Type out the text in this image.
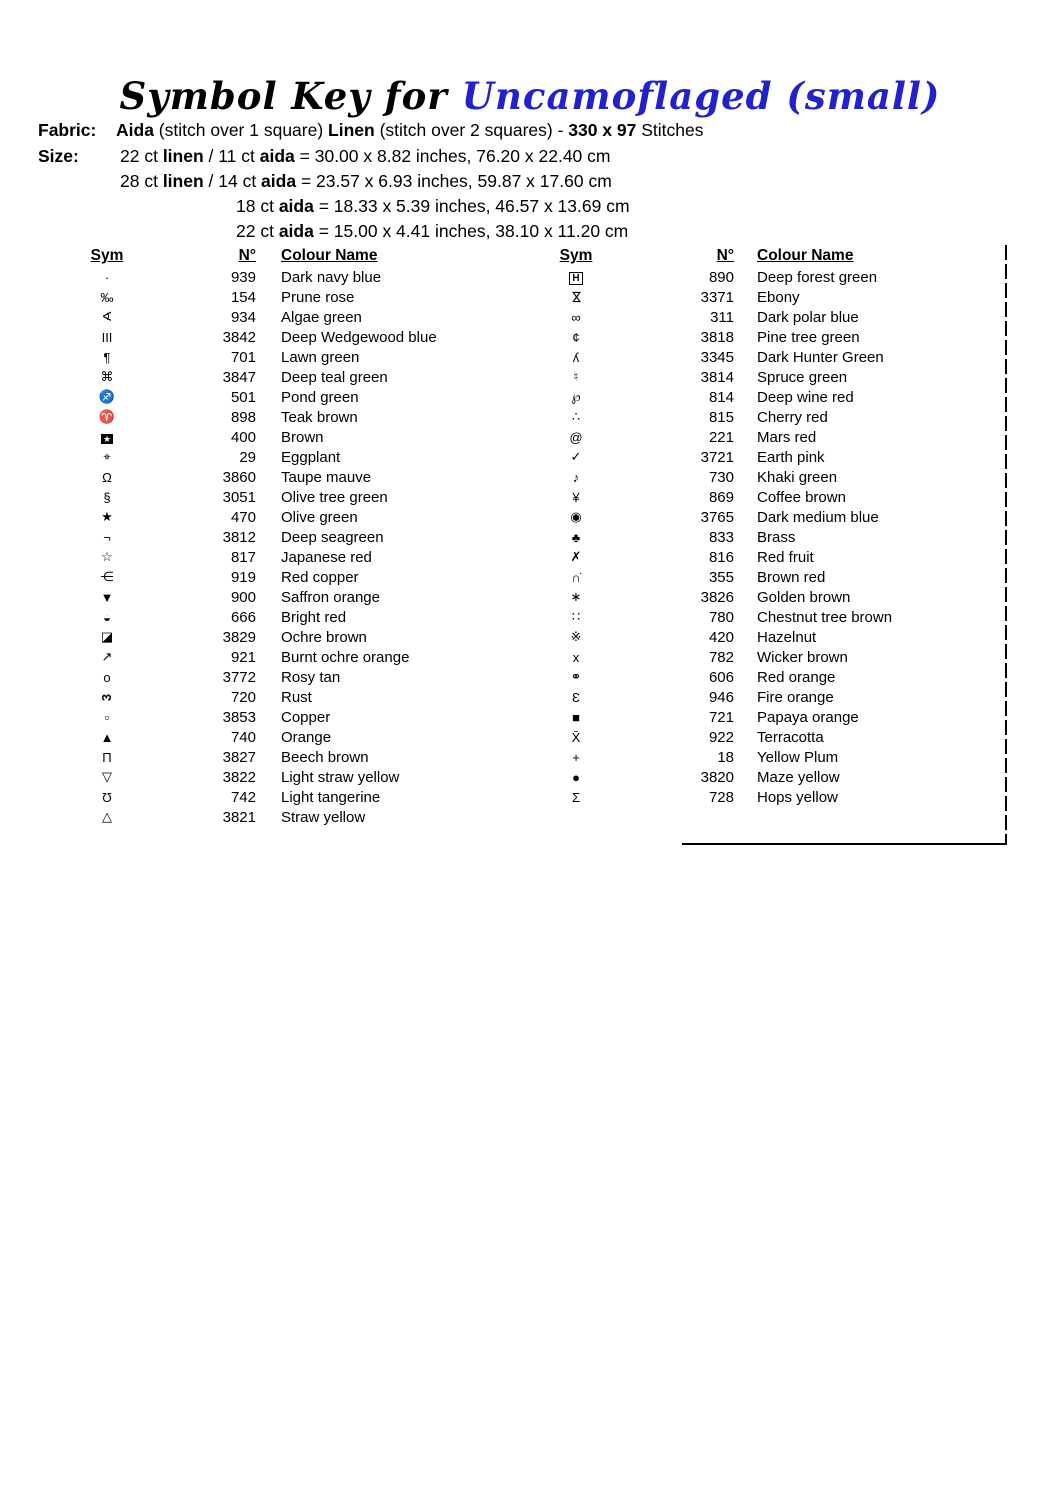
Symbol Key for Uncamoflaged (small)
Fabric: Aida (stitch over 1 square) Linen (stitch over 2 squares) - 330 x 97 Stitches
Size:	22 ct linen / 11 ct aida = 30.00 x 8.82 inches, 76.20 x 22.40 cm
28 ct linen / 14 ct aida = 23.57 x 6.93 inches, 59.87 x 17.60 cm
18 ct aida = 18.33 x 5.39 inches, 46.57 x 13.69 cm
22 ct aida = 15.00 x 4.41 inches, 38.10 x 11.20 cm
Sym	N°	Colour Name
·	939	Dark navy blue
‰	154	Prune rose
∢	934	Algae green
III	3842	Deep Wedgewood blue
¶	701	Lawn green
⌘	3847	Deep teal green
♐	501	Pond green
♈	898	Teak brown
★	400	Brown
⌖	29	Eggplant
Ω	3860	Taupe mauve
§	3051	Olive tree green
★	470	Olive green
¬	3812	Deep seagreen
☆	817	Japanese red
⋲	919	Red copper
▼	900	Saffron orange
◒	666	Bright red
◪	3829	Ochre brown
↗	921	Burnt ochre orange
o	3772	Rosy tan
3	720	Rust
▫	3853	Copper
▲	740	Orange
Π	3827	Beech brown
▽	3822	Light straw yellow
Ʊ	742	Light tangerine
△	3821	Straw yellow
Sym	N°	Colour Name
H	890	Deep forest green
⋈	3371	Ebony
∞	311	Dark polar blue
¢	3818	Pine tree green
ʎ	3345	Dark Hunter Green
♮	3814	Spruce green
℘	814	Deep wine red
∴	815	Cherry red
@	221	Mars red
✓	3721	Earth pink
♪	730	Khaki green
¥	869	Coffee brown
◉	3765	Dark medium blue
♣	833	Brass
✗	816	Red fruit
∩̇	355	Brown red
∗	3826	Golden brown
∷	780	Chestnut tree brown
※	420	Hazelnut
x	782	Wicker brown
⚭	606	Red orange
Ɛ	946	Fire orange
■	721	Papaya orange
X̄	922	Terracotta
+	18	Yellow Plum
●	3820	Maze yellow
Σ	728	Hops yellow
